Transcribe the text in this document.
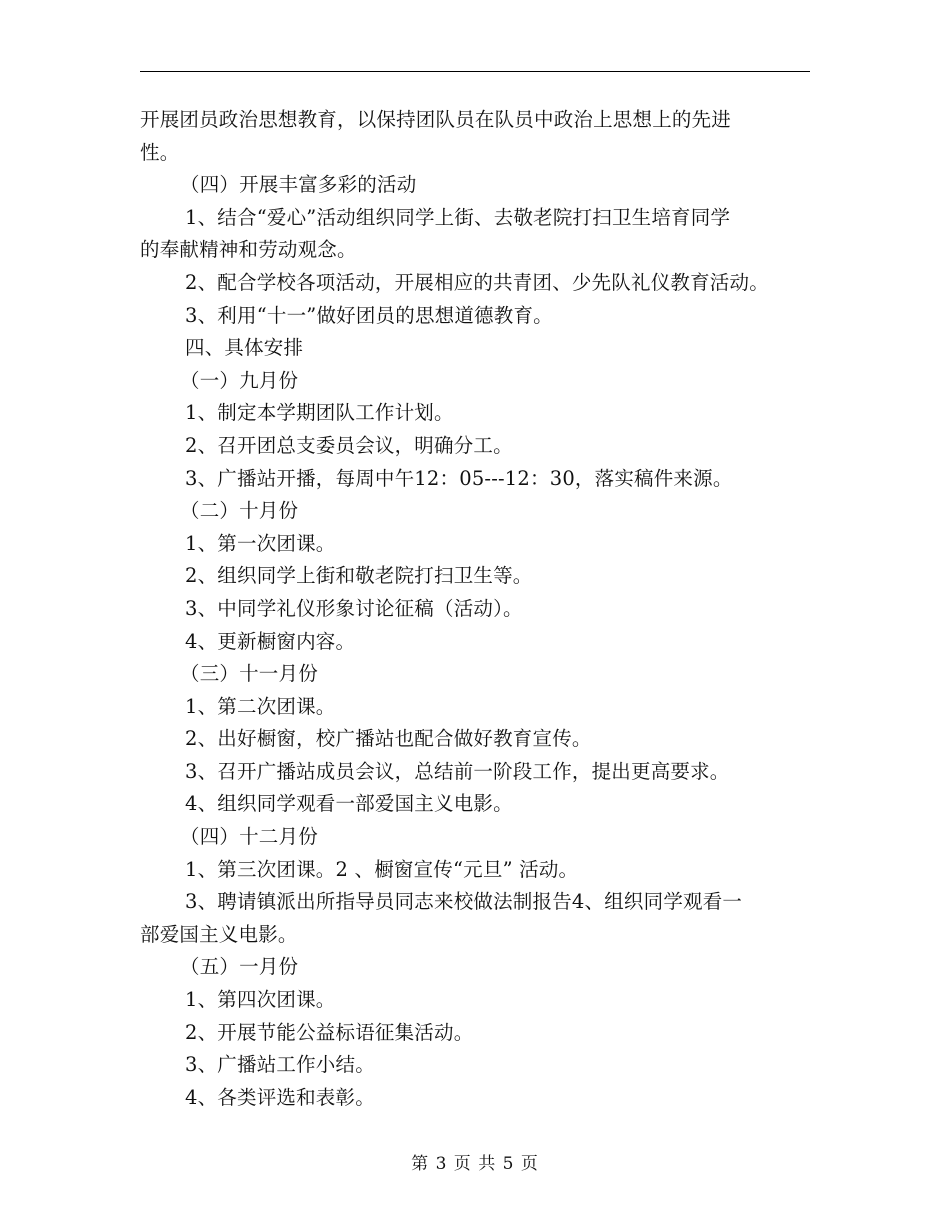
开展团员政治思想教育，以保持团队员在队员中政治上思想上的先进
性。
（四）开展丰富多彩的活动
1、结合“爱心”活动组织同学上街、去敬老院打扫卫生培育同学
的奉献精神和劳动观念。
2、配合学校各项活动，开展相应的共青团、少先队礼仪教育活动。
3、利用“十一”做好团员的思想道德教育。
四、具体安排
（一）九月份
1、制定本学期团队工作计划。
2、召开团总支委员会议，明确分工。
3、广播站开播，每周中午12：05---12：30，落实稿件来源。
（二）十月份
1、第一次团课。
2、组织同学上街和敬老院打扫卫生等。
3、中同学礼仪形象讨论征稿（活动）。
4、更新橱窗内容。
（三）十一月份
1、第二次团课。
2、出好橱窗，校广播站也配合做好教育宣传。
3、召开广播站成员会议，总结前一阶段工作，提出更高要求。
4、组织同学观看一部爱国主义电影。
（四）十二月份
1、第三次团课。2 、橱窗宣传“元旦” 活动。
3、聘请镇派出所指导员同志来校做法制报告4、组织同学观看一
部爱国主义电影。
（五）一月份
1、第四次团课。
2、开展节能公益标语征集活动。
3、广播站工作小结。
4、各类评选和表彰。
第 3 页 共 5 页
